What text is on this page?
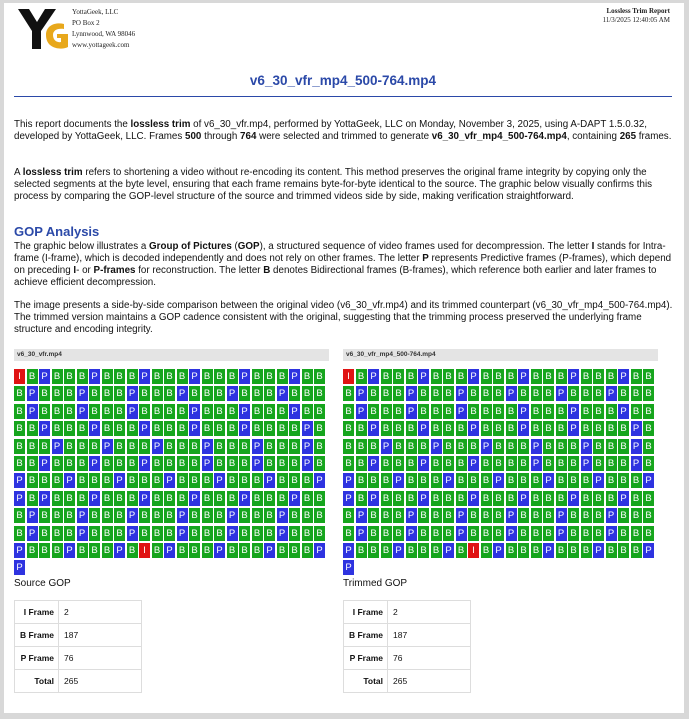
YottaGeek, LLC
PO Box 2
Lynnwood, WA 98046
www.yottageek.com
Lossless Trim Report
11/3/2025 12:40:05 AM
v6_30_vfr_mp4_500-764.mp4

This report documents the lossless trim of v6_30_vfr.mp4, performed by YottaGeek, LLC on Monday, November 3, 2025, using A-DAPT 1.5.0.32, developed by YottaGeek, LLC. Frames 500 through 764 were selected and trimmed to generate v6_30_vfr_mp4_500-764.mp4, containing 265 frames.

A lossless trim refers to shortening a video without re-encoding its content. This method preserves the original frame integrity by copying only the selected segments at the byte level, ensuring that each frame remains byte-for-byte identical to the source. The graphic below visually confirms this process by comparing the GOP-level structure of the source and trimmed videos side by side, making verification straightforward.

GOP Analysis

The graphic below illustrates a Group of Pictures (GOP), a structured sequence of video frames used for decompression. The letter I stands for Intra-frame (I-frame), which is decoded independently and does not rely on other frames. The letter P represents Predictive frames (P-frames), which depend on preceding I- or P-frames for reconstruction. The letter B denotes Bidirectional frames (B-frames), which reference both earlier and later frames to achieve efficient decompression.

The image presents a side-by-side comparison between the original video (v6_30_vfr.mp4) and its trimmed counterpart (v6_30_vfr_mp4_500-764.mp4). The trimmed version maintains a GOP cadence consistent with the original, suggesting that the trimming process preserved the underlying frame structure and encoding integrity.

v6_30_vfr.mp4
I B P B B B P B B B P B B B P B B B P B B B P B B
B P B B B P B B B P B B B P B B B P B B B P B B B
B P B B B P B B B P B B B B P B B B P B B B P B B
B B P B B B P B B B P B B B P B B B P B B B B P B
B B B P B B B P B B B P B B B P B B B P B B B P B
B B P B B B P B B B P B B B B P B B B P B B B P B
P B B B P B B B P B B B P B B B P B B B P B B B P
P B P B B B P B B B P B B B P B B B P B B B P B B
B P B B B P B B B P B B B P B B B P B B B P B B B
B P B B B P B B B P B B B P B B B P B B B P B B B
P B B B P B B B P B I B P B B B P B B B P B B B P
P
Source GOP
I Frame	2
B Frame	187
P Frame	76
Total	265
v6_30_vfr_mp4_500-764.mp4
I B P B B B P B B B P B B B P B B B P B B B P B B
B P B B B P B B B P B B B P B B B P B B B P B B B
B P B B B P B B B P B B B B P B B B P B B B P B B
B B P B B B P B B B P B B B P B B B P B B B B P B
B B B P B B B P B B B P B B B P B B B P B B B P B
B B P B B B P B B B P B B B B P B B B P B B B P B
P B B B P B B B P B B B P B B B P B B B P B B B P
P B P B B B P B B B P B B B P B B B P B B B P B B
B P B B B P B B B P B B B P B B B P B B B P B B B
B P B B B P B B B P B B B P B B B P B B B P B B B
P B B B P B B B P B I B P B B B P B B B P B B B P
P
Trimmed GOP
I Frame	2
B Frame	187
P Frame	76
Total	265
